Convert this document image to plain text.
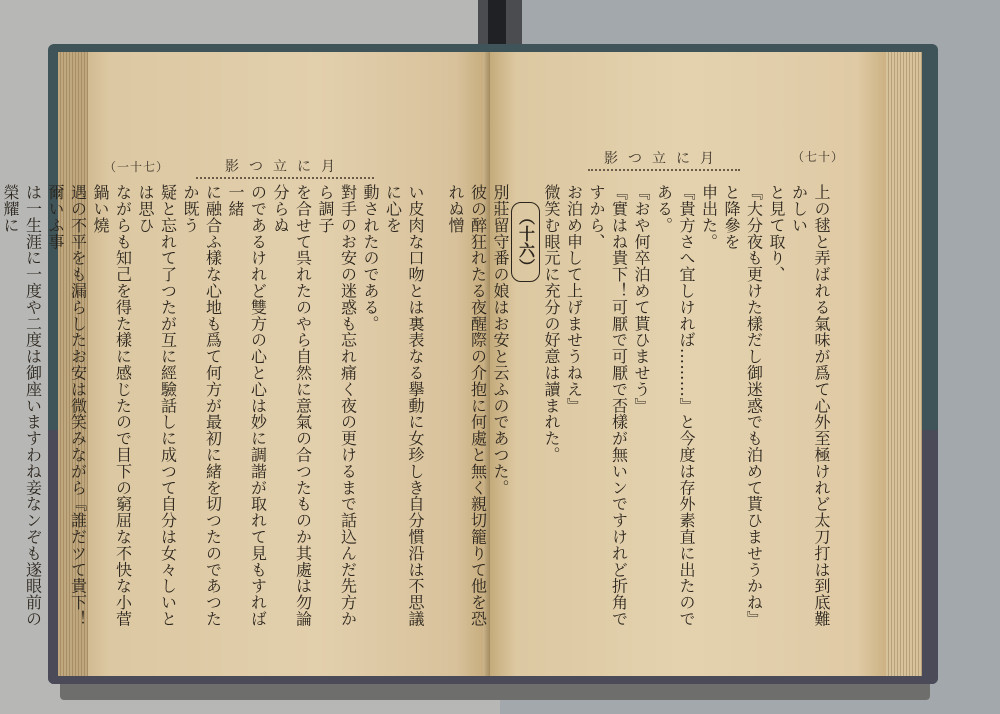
（一十七）	影つ立に月

い皮肉な口吻とは裏表なる擧動に女珍しき自分慣沿は不思議に心を

動されたのである。

對手のお安の迷惑も忘れ痛く夜の更けるまで話込んだ先方から調子

を合せて呉れたのやら自然に意氣の合つたものか其處は勿論分らぬ

のであるけれど雙方の心と心は妙に調諧が取れて見もすれば一緒

に融合ふ樣な心地も爲て何方が最初に緒を切つたのであつたか既う

疑と忘れて了つたが互に經驗話しに成つて自分は女々しいとは思ひ

ながらも知己を得た樣に感じたので目下の窮屈な不快な小菅鍋い燒

遇の不平をも漏らしたお安は微笑みながら『誰だツて貴下！爾いふ事

は一生涯に一度や二度は御座いますわね妾なンぞも遂眼前の榮耀に

影つ立に月	（七十）

上の毬と弄ばれる氣味が爲て心外至極けれど太刀打は到底難かしい

と見て取り、

『大分夜も更けた樣だし御迷惑でも泊めて貰ひませうかね』と降參を

申出た。

『貴方さへ宜しければ………』と今度は存外素直に出たのである。

『おや何卒泊めて貰ひませう』

『實はね貴下！可厭で可厭で否樣が無いンですけれど折角ですから、

お泊め申して上げませうねえ』

微笑む眼元に充分の好意は讀まれた。

（十六）

別莊留守番の娘はお安と云ふのであつた。

彼の醉狂れたる夜醒際の介抱に何處と無く親切籠りて他を恐れぬ憎
